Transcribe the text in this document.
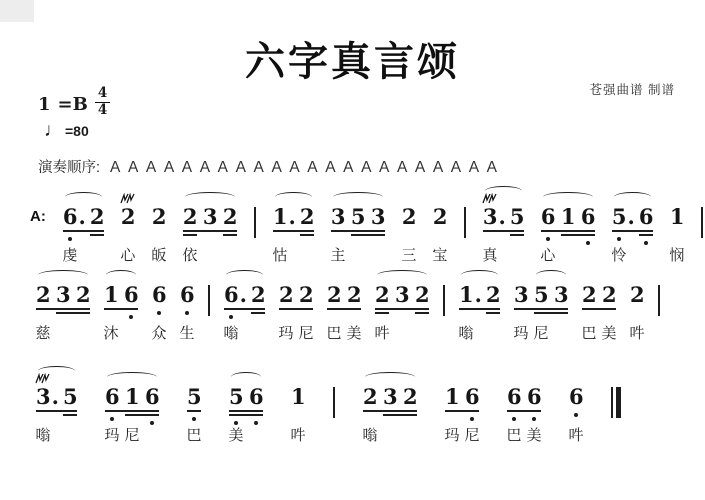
六字真言颂
苍强曲谱 制谱
$1 =B \frac{4}{4}$
♩ =80
演奏顺序: A A A A A A A A A A A A A A A A A A A A A A
A: 6.
虔
2 2
心
2
皈
2
依
3 2 1.
怙
2 3
主
5 3 2
三
2
宝
3.
真
5 6
心
1 6 5.
怜
6 1
悯
2
慈
3 2 1
沐
6 6
众
6
生
6.
嗡
2 2
玛
2
尼
2
巴
2
美
2
吽
3 2 1.
嗡
2 3
玛
5
尼
3 2
巴
2
美
2
吽
3.
嗡
5 6
玛
1
尼
6 5
巴
5
美
6 1
吽
2
嗡
3 2 1
玛
6
尼
6
巴
6
美
6
吽
